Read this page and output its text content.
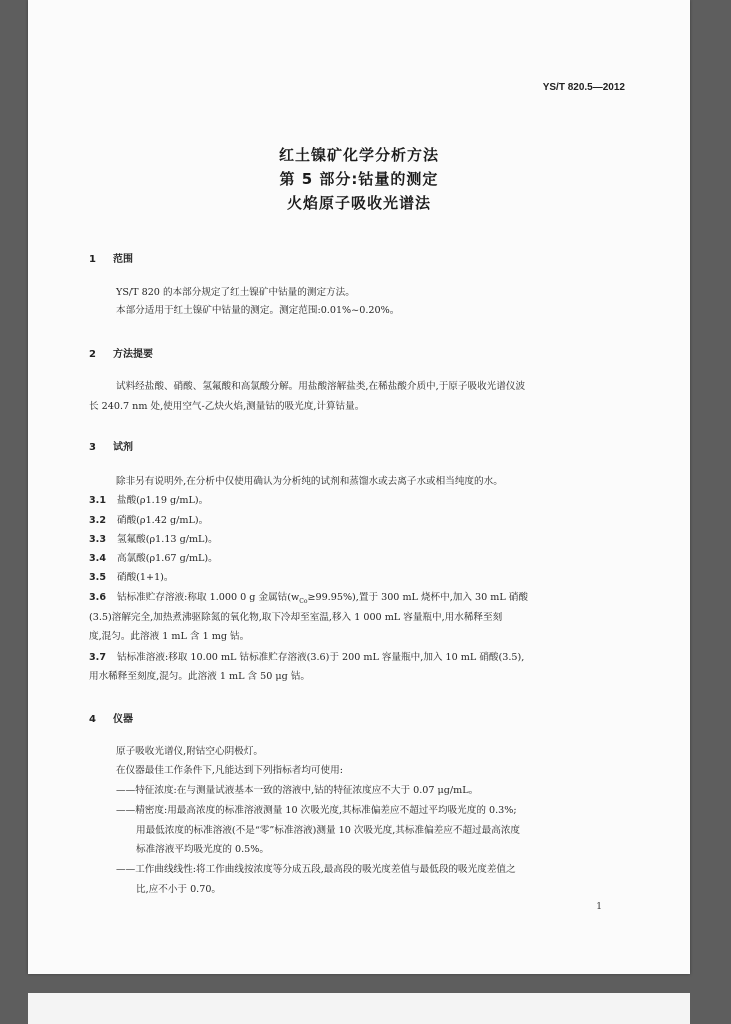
YS/T 820.5—2012
红土镍矿化学分析方法
第 5 部分:钴量的测定
火焰原子吸收光谱法
1 范围
YS/T 820 的本部分规定了红土镍矿中钴量的测定方法。
本部分适用于红土镍矿中钴量的测定。测定范围:0.01%~0.20%。
2 方法提要
试料经盐酸、硝酸、氢氟酸和高氯酸分解。用盐酸溶解盐类,在稀盐酸介质中,于原子吸收光谱仪波
长 240.7 nm 处,使用空气-乙炔火焰,测量钴的吸光度,计算钴量。
3 试剂
除非另有说明外,在分析中仅使用确认为分析纯的试剂和蒸馏水或去离子水或相当纯度的水。
3.1 盐酸(ρ1.19 g/mL)。
3.2 硝酸(ρ1.42 g/mL)。
3.3 氢氟酸(ρ1.13 g/mL)。
3.4 高氯酸(ρ1.67 g/mL)。
3.5 硝酸(1+1)。
3.6 钴标准贮存溶液:称取 1.000 0 g 金属钴$(w_{Co}\ge 99.95\%)$,置于 300 mL 烧杯中,加入 30 mL 硝酸
(3.5)溶解完全,加热煮沸驱除氮的氧化物,取下冷却至室温,移入 1 000 mL 容量瓶中,用水稀释至刻
度,混匀。此溶液 1 mL 含 1 mg 钴。
3.7 钴标准溶液:移取 10.00 mL 钴标准贮存溶液(3.6)于 200 mL 容量瓶中,加入 10 mL 硝酸(3.5),
用水稀释至刻度,混匀。此溶液 1 mL 含 50 μg 钴。
4 仪器
原子吸收光谱仪,附钴空心阴极灯。
在仪器最佳工作条件下,凡能达到下列指标者均可使用:
——特征浓度:在与测量试液基本一致的溶液中,钴的特征浓度应不大于 0.07 μg/mL。
——精密度:用最高浓度的标准溶液测量 10 次吸光度,其标准偏差应不超过平均吸光度的 0.3%;
用最低浓度的标准溶液(不是“零”标准溶液)测量 10 次吸光度,其标准偏差应不超过最高浓度
标准溶液平均吸光度的 0.5%。
——工作曲线线性:将工作曲线按浓度等分成五段,最高段的吸光度差值与最低段的吸光度差值之
比,应不小于 0.70。
1
